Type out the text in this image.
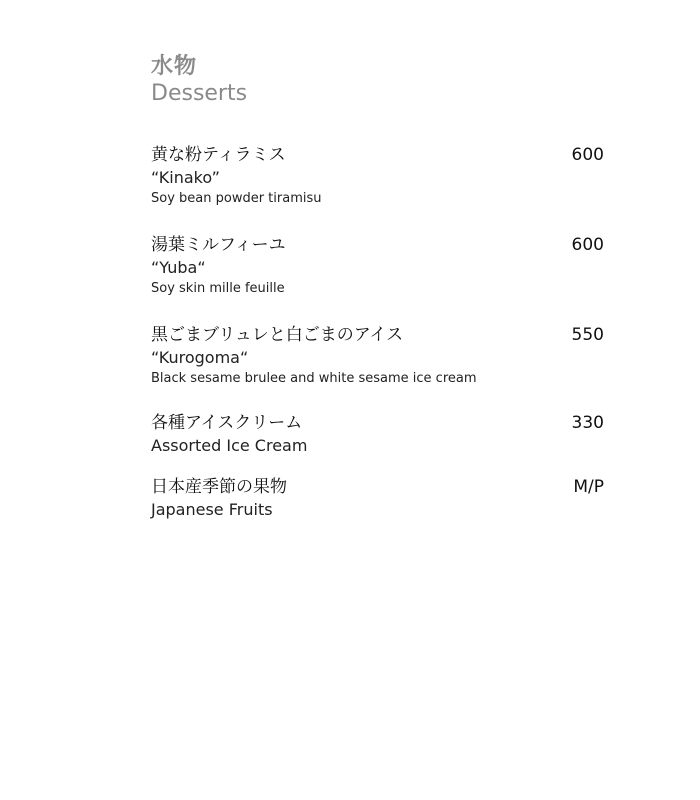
水物
Desserts
黄な粉ティラミス	600
“Kinako”
Soy bean powder tiramisu
湯葉ミルフィーユ	600
“Yuba“
Soy skin mille feuille
黒ごまブリュレと白ごまのアイス	550
“Kurogoma“
Black sesame brulee and white sesame ice cream
各種アイスクリーム	330
Assorted Ice Cream
日本産季節の果物	M/P
Japanese Fruits
